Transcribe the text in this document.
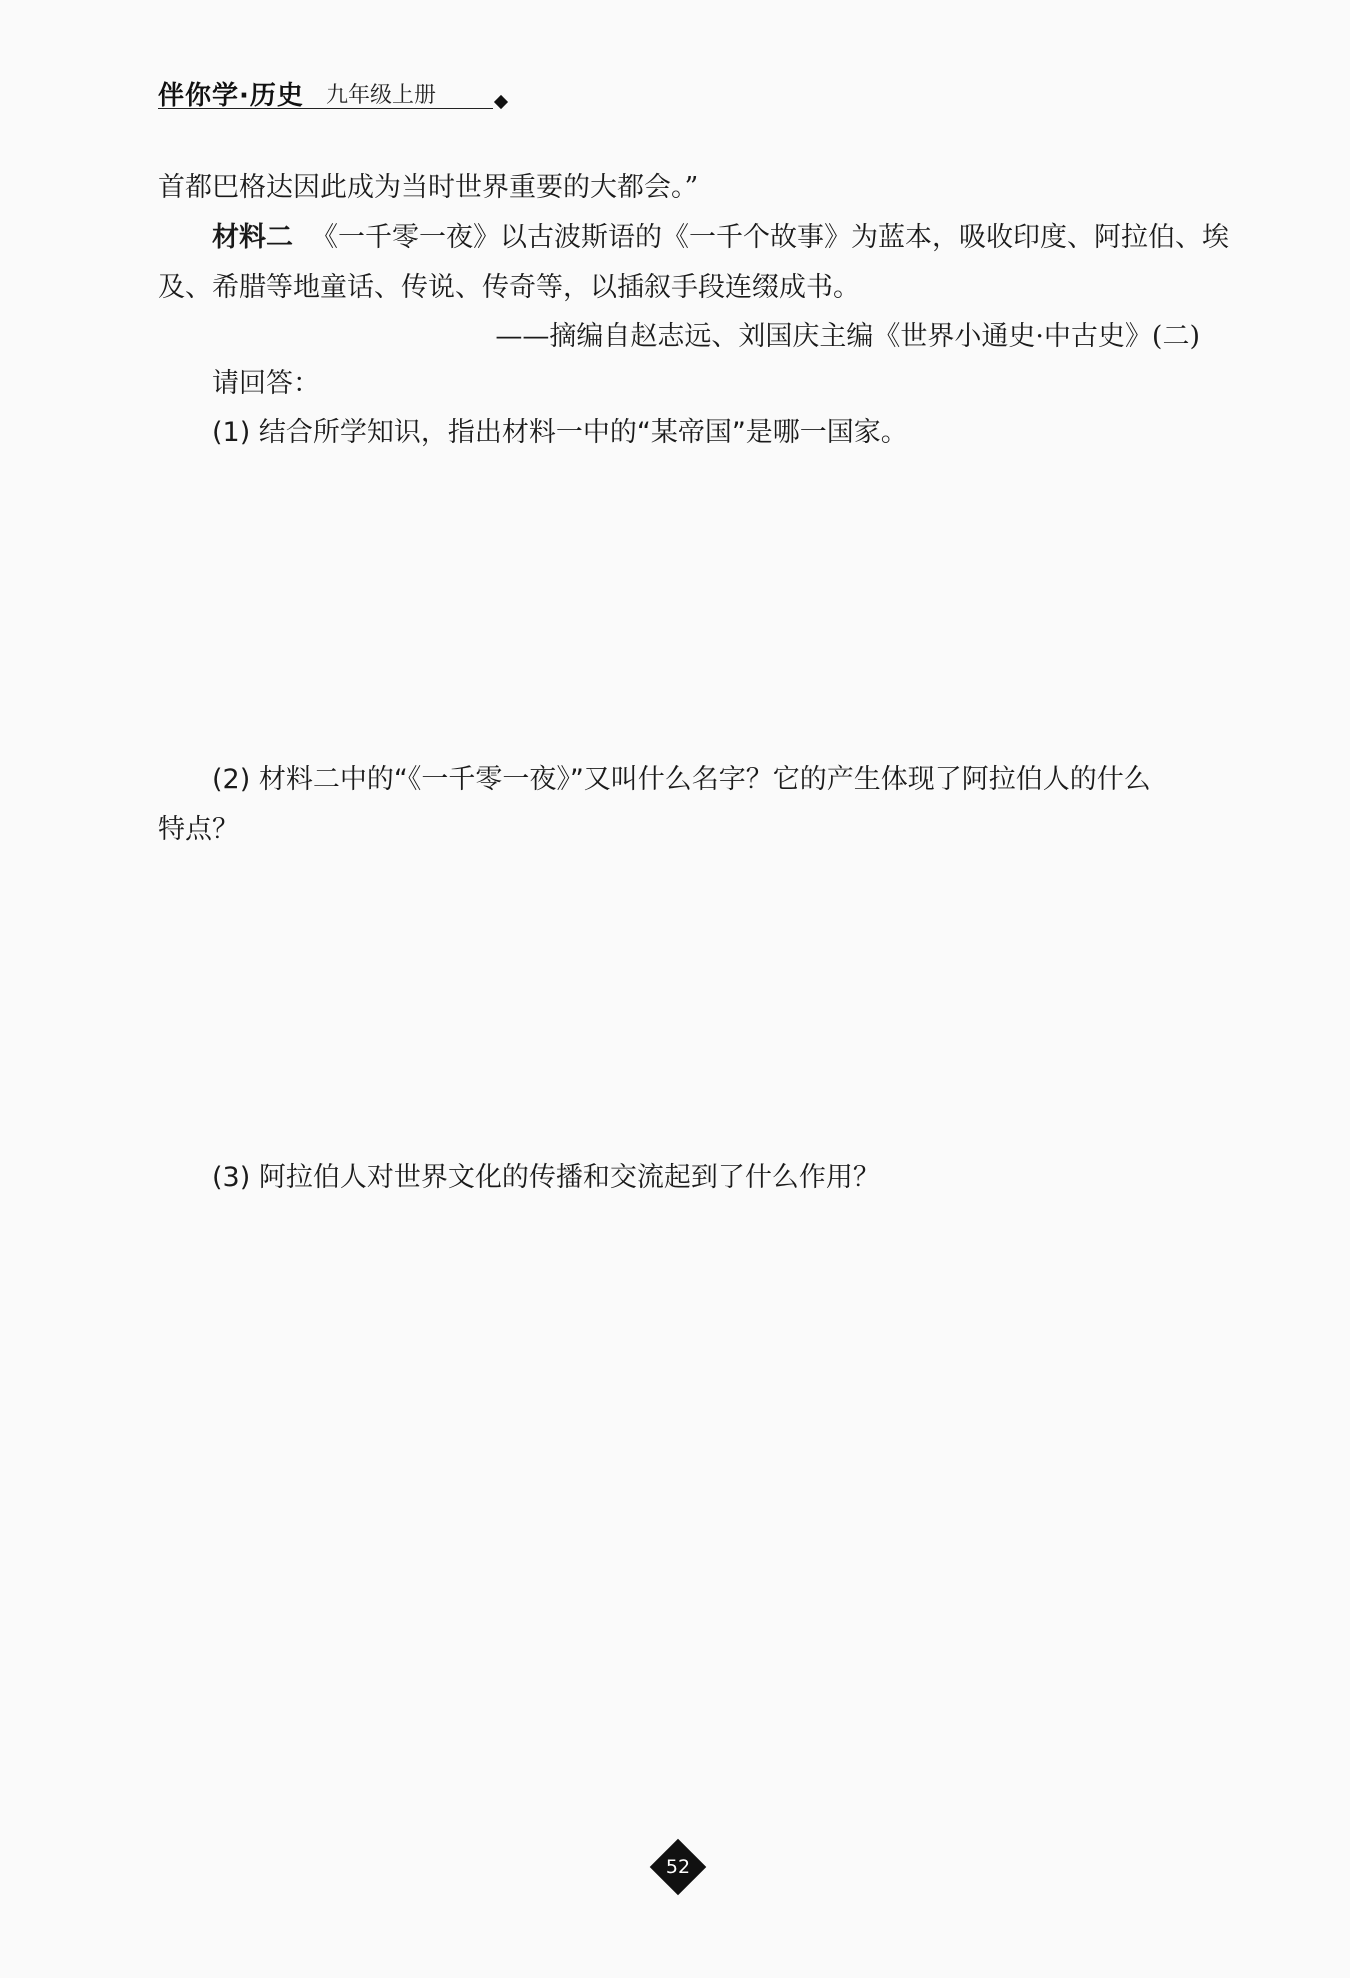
伴你学·历史 九年级上册
首都巴格达因此成为当时世界重要的大都会。”
材料二 《一千零一夜》以古波斯语的《一千个故事》为蓝本，吸收印度、阿拉伯、埃
及、希腊等地童话、传说、传奇等，以插叙手段连缀成书。
——摘编自赵志远、刘国庆主编《世界小通史·中古史》(二)
请回答：
(1) 结合所学知识，指出材料一中的“某帝国”是哪一国家。
(2) 材料二中的“《一千零一夜》”又叫什么名字？它的产生体现了阿拉伯人的什么
特点？
(3) 阿拉伯人对世界文化的传播和交流起到了什么作用？
52
